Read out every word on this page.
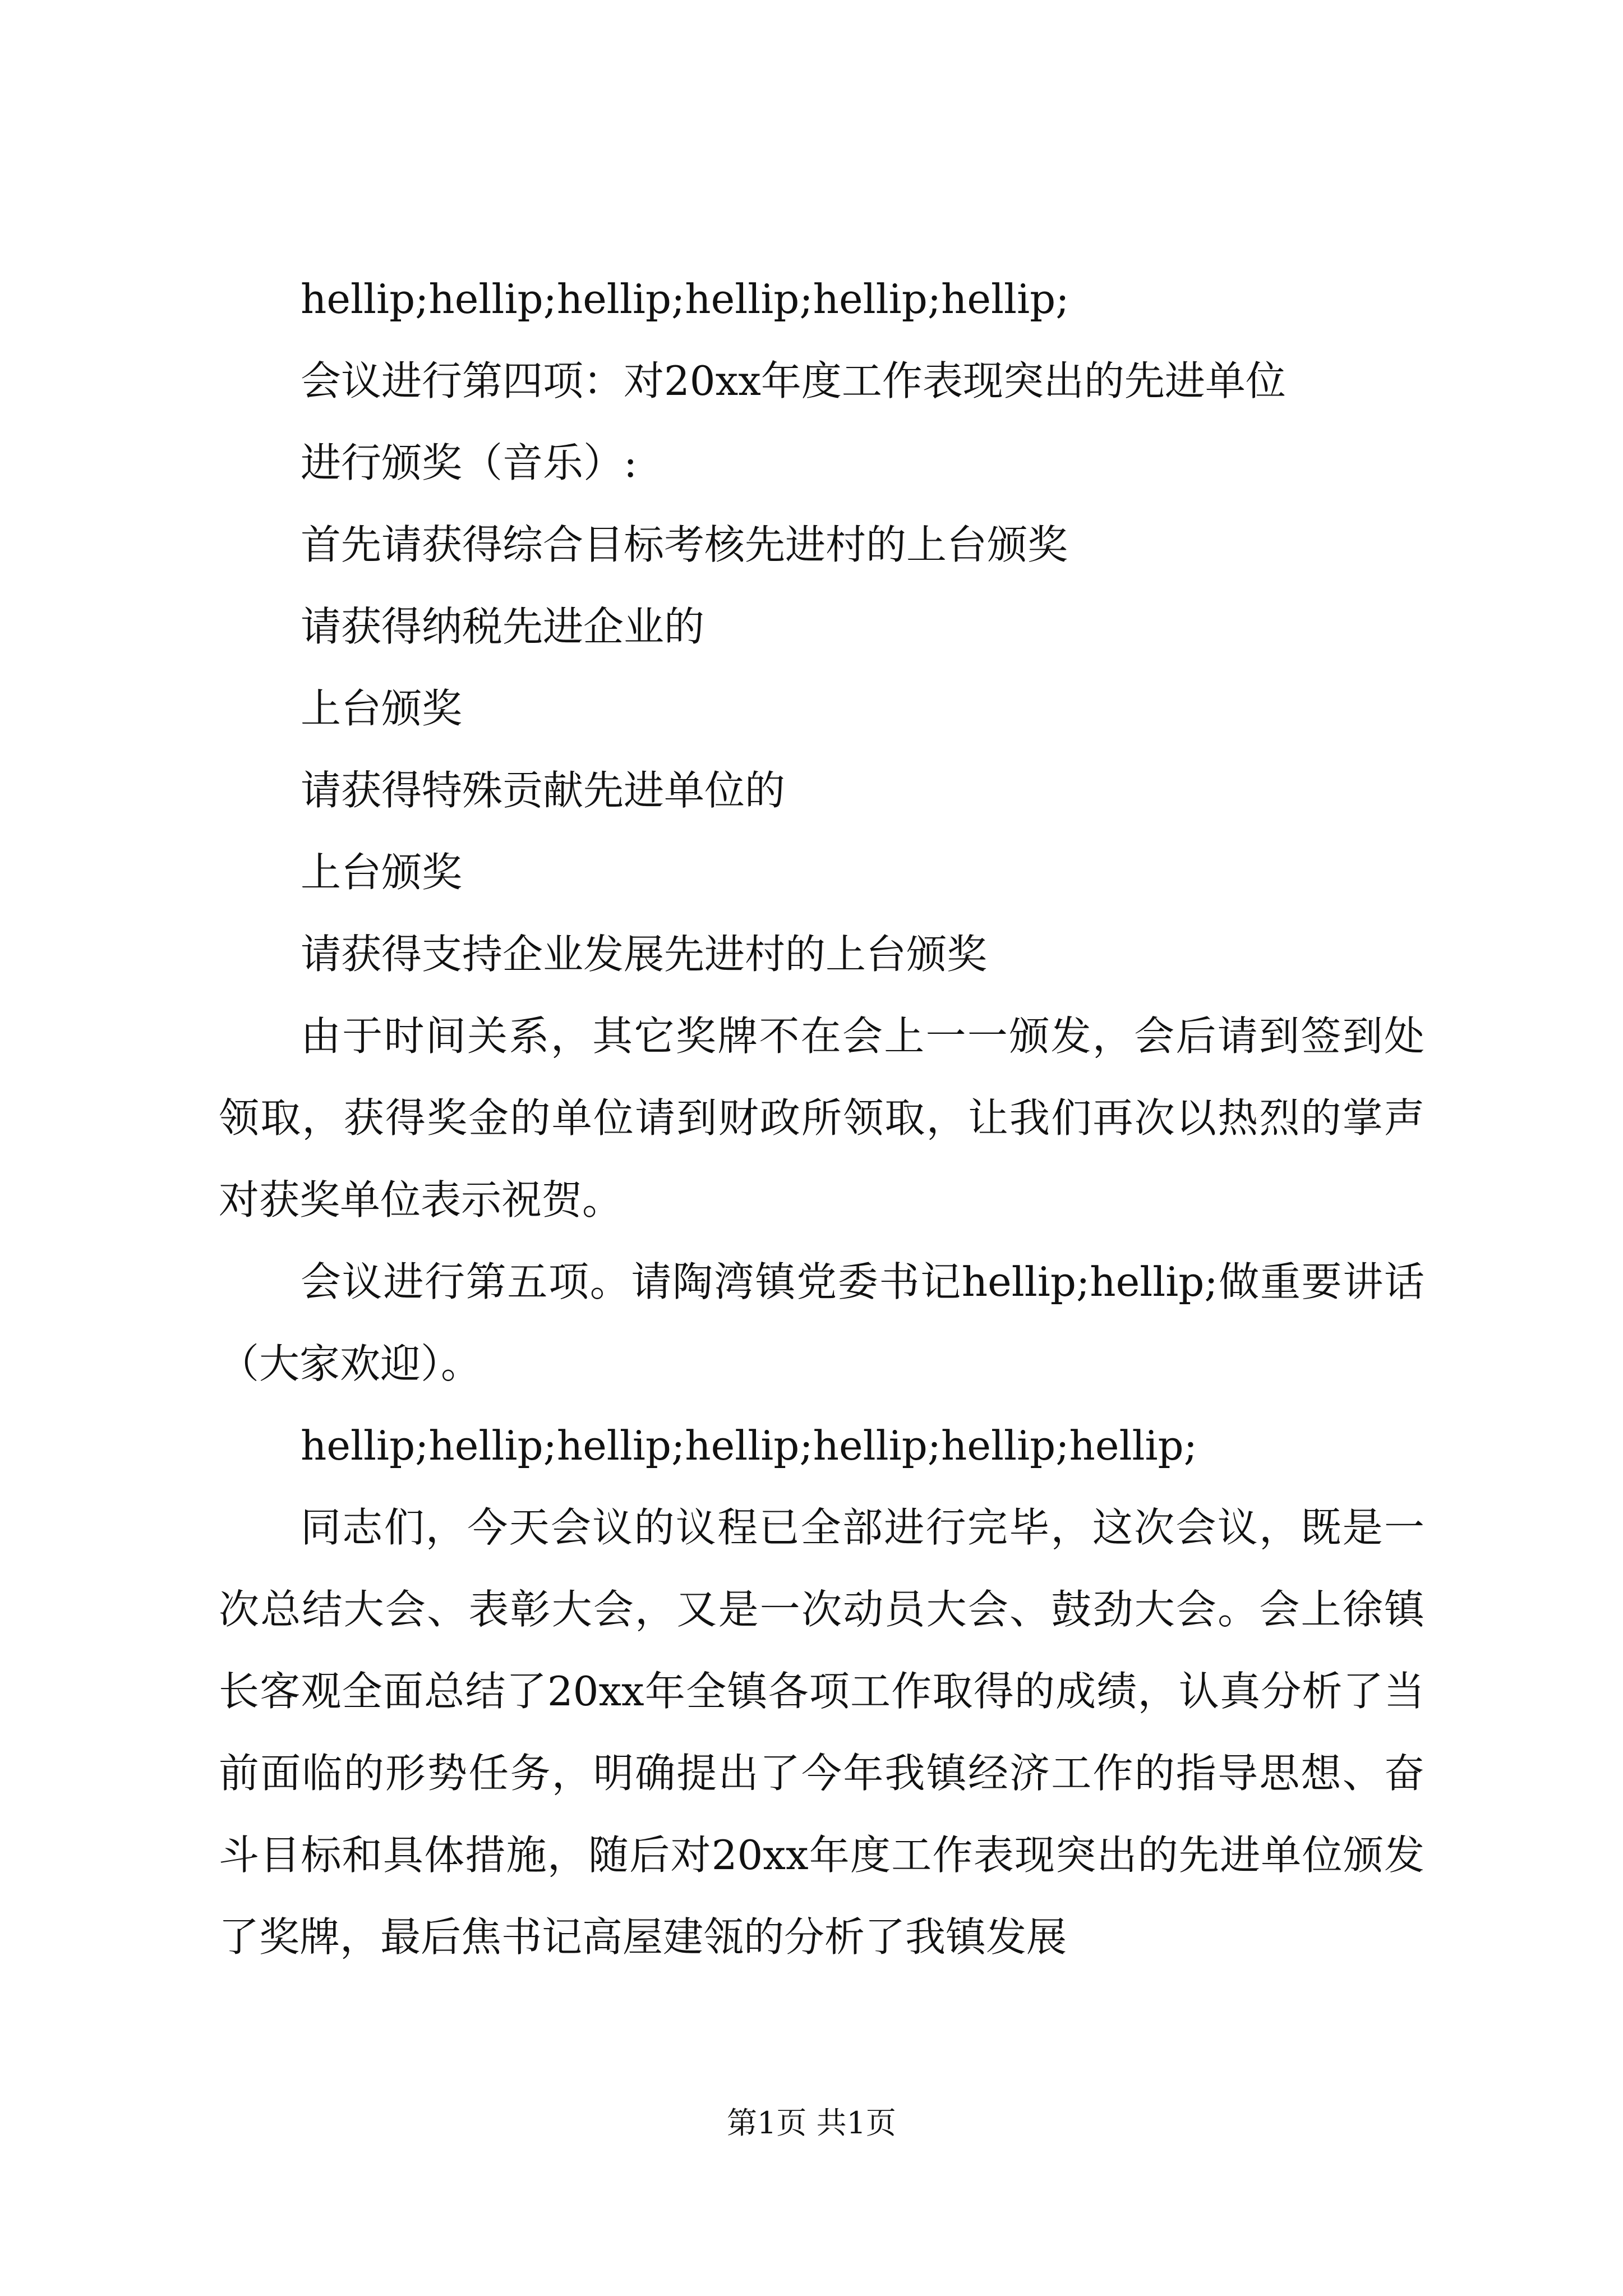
hellip;hellip;hellip;hellip;hellip;hellip;
会议进行第四项：对20xx年度工作表现突出的先进单位
进行颁奖（音乐）:
首先请获得综合目标考核先进村的上台颁奖
请获得纳税先进企业的
上台颁奖
请获得特殊贡献先进单位的
上台颁奖
请获得支持企业发展先进村的上台颁奖

由于时间关系，其它奖牌不在会上一一颁发，会后请到签到处领取，获得奖金的单位请到财政所领取，让我们再次以热烈的掌声对获奖单位表示祝贺。

会议进行第五项。请陶湾镇党委书记hellip;hellip;做重要讲话（大家欢迎）。

hellip;hellip;hellip;hellip;hellip;hellip;hellip;

同志们，今天会议的议程已全部进行完毕，这次会议，既是一次总结大会、表彰大会，又是一次动员大会、鼓劲大会。会上徐镇长客观全面总结了20xx年全镇各项工作取得的成绩，认真分析了当前面临的形势任务，明确提出了今年我镇经济工作的指导思想、奋斗目标和具体措施，随后对20xx年度工作表现突出的先进单位颁发了奖牌，最后焦书记高屋建瓴的分析了我镇发展

第1页 共1页
